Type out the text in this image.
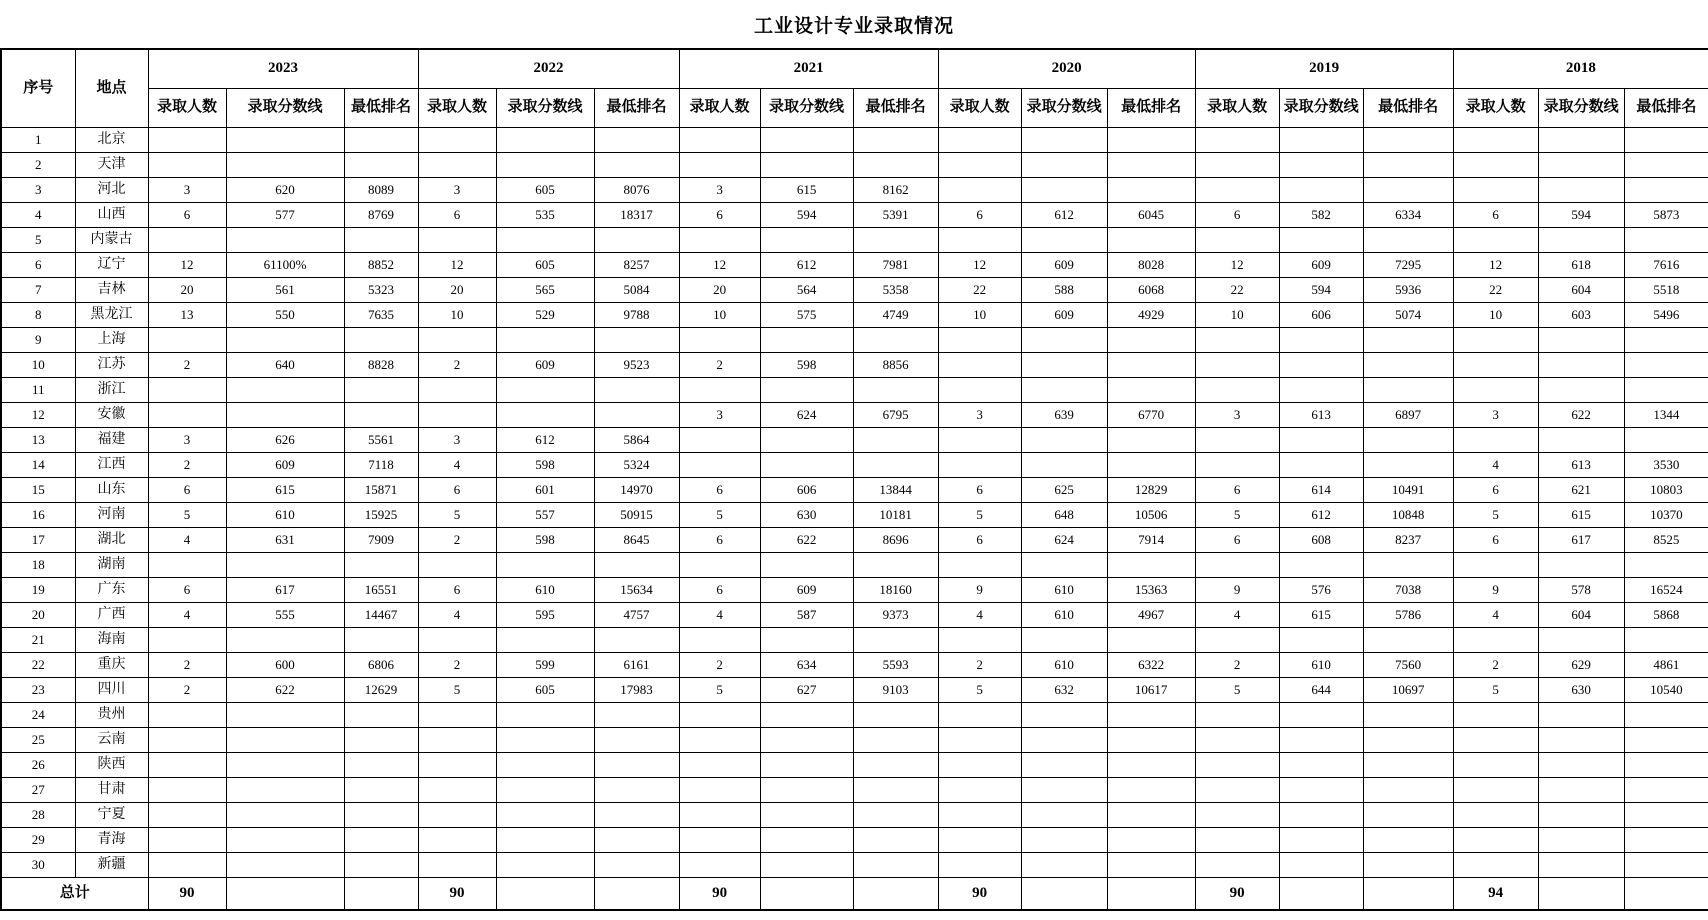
工业设计专业录取情况
序号	地点	2023			2022			2021			2020			2019			2018		
		录取人数	录取分数线	最低排名	录取人数	录取分数线	最低排名	录取人数	录取分数线	最低排名	录取人数	录取分数线	最低排名	录取人数	录取分数线	最低排名	录取人数	录取分数线	最低排名
1	北京																		
2	天津																		
3	河北	3	620	8089	3	605	8076	3	615	8162									
4	山西	6	577	8769	6	535	18317	6	594	5391	6	612	6045	6	582	6334	6	594	5873
5	内蒙古																		
6	辽宁	12	61100%	8852	12	605	8257	12	612	7981	12	609	8028	12	609	7295	12	618	7616
7	吉林	20	561	5323	20	565	5084	20	564	5358	22	588	6068	22	594	5936	22	604	5518
8	黑龙江	13	550	7635	10	529	9788	10	575	4749	10	609	4929	10	606	5074	10	603	5496
9	上海																		
10	江苏	2	640	8828	2	609	9523	2	598	8856									
11	浙江																		
12	安徽							3	624	6795	3	639	6770	3	613	6897	3	622	1344
13	福建	3	626	5561	3	612	5864												
14	江西	2	609	7118	4	598	5324										4	613	3530
15	山东	6	615	15871	6	601	14970	6	606	13844	6	625	12829	6	614	10491	6	621	10803
16	河南	5	610	15925	5	557	50915	5	630	10181	5	648	10506	5	612	10848	5	615	10370
17	湖北	4	631	7909	2	598	8645	6	622	8696	6	624	7914	6	608	8237	6	617	8525
18	湖南																		
19	广东	6	617	16551	6	610	15634	6	609	18160	9	610	15363	9	576	7038	9	578	16524
20	广西	4	555	14467	4	595	4757	4	587	9373	4	610	4967	4	615	5786	4	604	5868
21	海南																		
22	重庆	2	600	6806	2	599	6161	2	634	5593	2	610	6322	2	610	7560	2	629	4861
23	四川	2	622	12629	5	605	17983	5	627	9103	5	632	10617	5	644	10697	5	630	10540
24	贵州																		
25	云南																		
26	陕西																		
27	甘肃																		
28	宁夏																		
29	青海																		
30	新疆																		
总计		90			90			90			90			90			94		
